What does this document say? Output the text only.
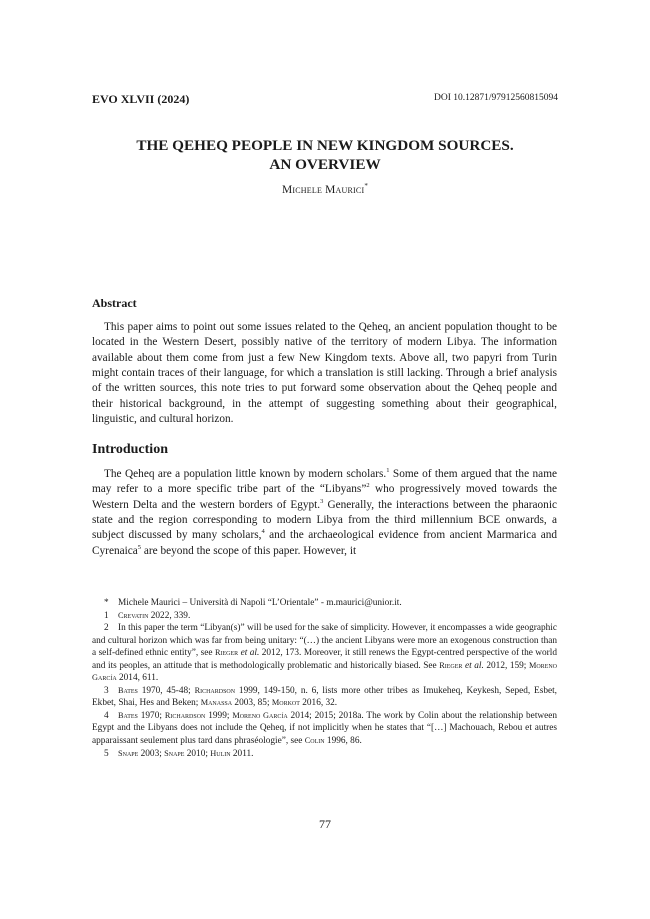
EVO XLVII (2024)	DOI 10.12871/97912560815094
THE QEHEQ PEOPLE IN NEW KINGDOM SOURCES.
AN OVERVIEW
Michele Maurici*
Abstract
This paper aims to point out some issues related to the Qeheq, an ancient population thought to be located in the Western Desert, possibly native of the territory of modern Libya. The information available about them come from just a few New Kingdom texts. Above all, two papyri from Turin might contain traces of their language, for which a translation is still lacking. Through a brief analysis of the written sources, this note tries to put forward some observation about the Qeheq people and their historical background, in the attempt of suggesting something about their geographical, linguistic, and cultural horizon.
Introduction
The Qeheq are a population little known by modern scholars.$^1$ Some of them argued that the name may refer to a more specific tribe part of the “Libyans”$^2$ who progressively moved towards the Western Delta and the western borders of Egypt.$^3$ Generally, the interactions between the pharaonic state and the region corresponding to modern Libya from the third millennium BCE onwards, a subject discussed by many scholars,$^4$ and the archaeological evidence from ancient Marmarica and Cyrenaica$^5$ are beyond the scope of this paper. However, it

* Michele Maurici – Università di Napoli “L’Orientale” - m.maurici@unior.it.

1 Crevatin 2022, 339.

2 In this paper the term “Libyan(s)” will be used for the sake of simplicity. However, it encompasses a wide geographic and cultural horizon which was far from being unitary: “(…) the ancient Libyans were more an exogenous construction than a self-defined ethnic entity”, see Rieger et al. 2012, 173. Moreover, it still renews the Egypt-centred perspective of the world and its peoples, an attitude that is methodologically problematic and historically biased. See Rieger et al. 2012, 159; Moreno García 2014, 611.

3 Bates 1970, 45-48; Richardson 1999, 149-150, n. 6, lists more other tribes as Imukeheq, Keykesh, Seped, Esbet, Ekbet, Shai, Hes and Beken; Manassa 2003, 85; Morkot 2016, 32.

4 Bates 1970; Richardson 1999; Moreno García 2014; 2015; 2018a. The work by Colin about the relationship between Egypt and the Libyans does not include the Qeheq, if not implicitly when he states that “[…] Machouach, Rebou et autres apparaissant seulement plus tard dans phraséologie”, see Colin 1996, 86.

5 Snape 2003; Snape 2010; Hulin 2011.

77
